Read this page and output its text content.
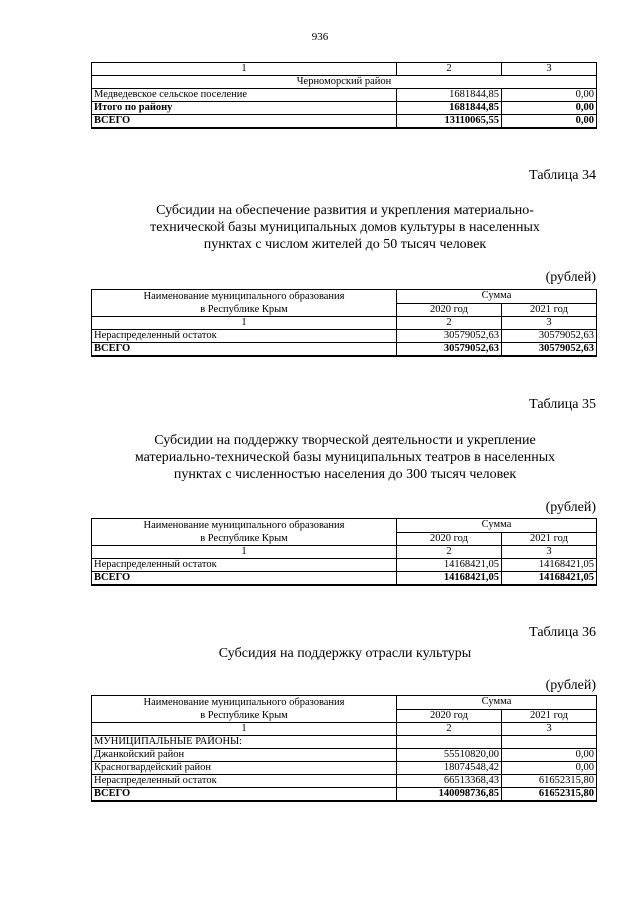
936
1	2	3
Черноморский район		
Медведевское сельское поселение	1681844,85	0,00
Итого по району	1681844,85	0,00
ВСЕГО	13110065,55	0,00
Таблица 34
Субсидии на обеспечение развития и укрепления материально-
технической базы муниципальных домов культуры в населенных
пунктах с числом жителей до 50 тысяч человек
(рублей)
Наименование муниципального образования
в Республике Крым	Сумма	
	2020 год	2021 год
1	2	3
Нераспределенный остаток	30579052,63	30579052,63
ВСЕГО	30579052,63	30579052,63
Таблица 35
Субсидии на поддержку творческой деятельности и укрепление
материально-технической базы муниципальных театров в населенных
пунктах с численностью населения до 300 тысяч человек
(рублей)
Наименование муниципального образования
в Республике Крым	Сумма	
	2020 год	2021 год
1	2	3
Нераспределенный остаток	14168421,05	14168421,05
ВСЕГО	14168421,05	14168421,05
Таблица 36
Субсидия на поддержку отрасли культуры
(рублей)
Наименование муниципального образования
в Республике Крым	Сумма	
	2020 год	2021 год
1	2	3
МУНИЦИПАЛЬНЫЕ РАЙОНЫ:		
Джанкойский район	55510820,00	0,00
Красногвардейский район	18074548,42	0,00
Нераспределенный остаток	66513368,43	61652315,80
ВСЕГО	140098736,85	61652315,80
